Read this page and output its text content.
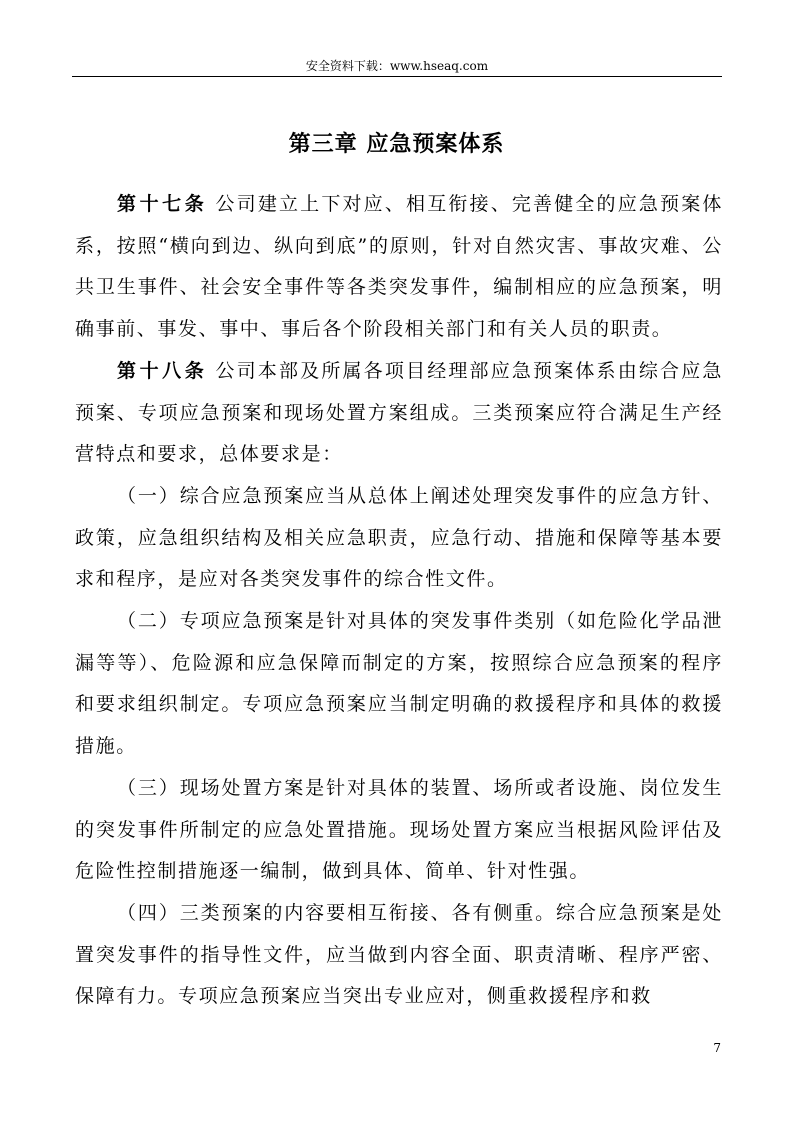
安全资料下载：www.hseaq.com
第三章 应急预案体系

第十七条 公司建立上下对应、相互衔接、完善健全的应急预案体系，按照“横向到边、纵向到底”的原则，针对自然灾害、事故灾难、公共卫生事件、社会安全事件等各类突发事件，编制相应的应急预案，明确事前、事发、事中、事后各个阶段相关部门和有关人员的职责。

第十八条 公司本部及所属各项目经理部应急预案体系由综合应急预案、专项应急预案和现场处置方案组成。三类预案应符合满足生产经营特点和要求，总体要求是：

（一）综合应急预案应当从总体上阐述处理突发事件的应急方针、政策，应急组织结构及相关应急职责，应急行动、措施和保障等基本要求和程序，是应对各类突发事件的综合性文件。

（二）专项应急预案是针对具体的突发事件类别（如危险化学品泄漏等等）、危险源和应急保障而制定的方案，按照综合应急预案的程序和要求组织制定。专项应急预案应当制定明确的救援程序和具体的救援措施。

（三）现场处置方案是针对具体的装置、场所或者设施、岗位发生的突发事件所制定的应急处置措施。现场处置方案应当根据风险评估及危险性控制措施逐一编制，做到具体、简单、针对性强。

（四）三类预案的内容要相互衔接、各有侧重。综合应急预案是处置突发事件的指导性文件，应当做到内容全面、职责清晰、程序严密、保障有力。专项应急预案应当突出专业应对，侧重救援程序和救

7
